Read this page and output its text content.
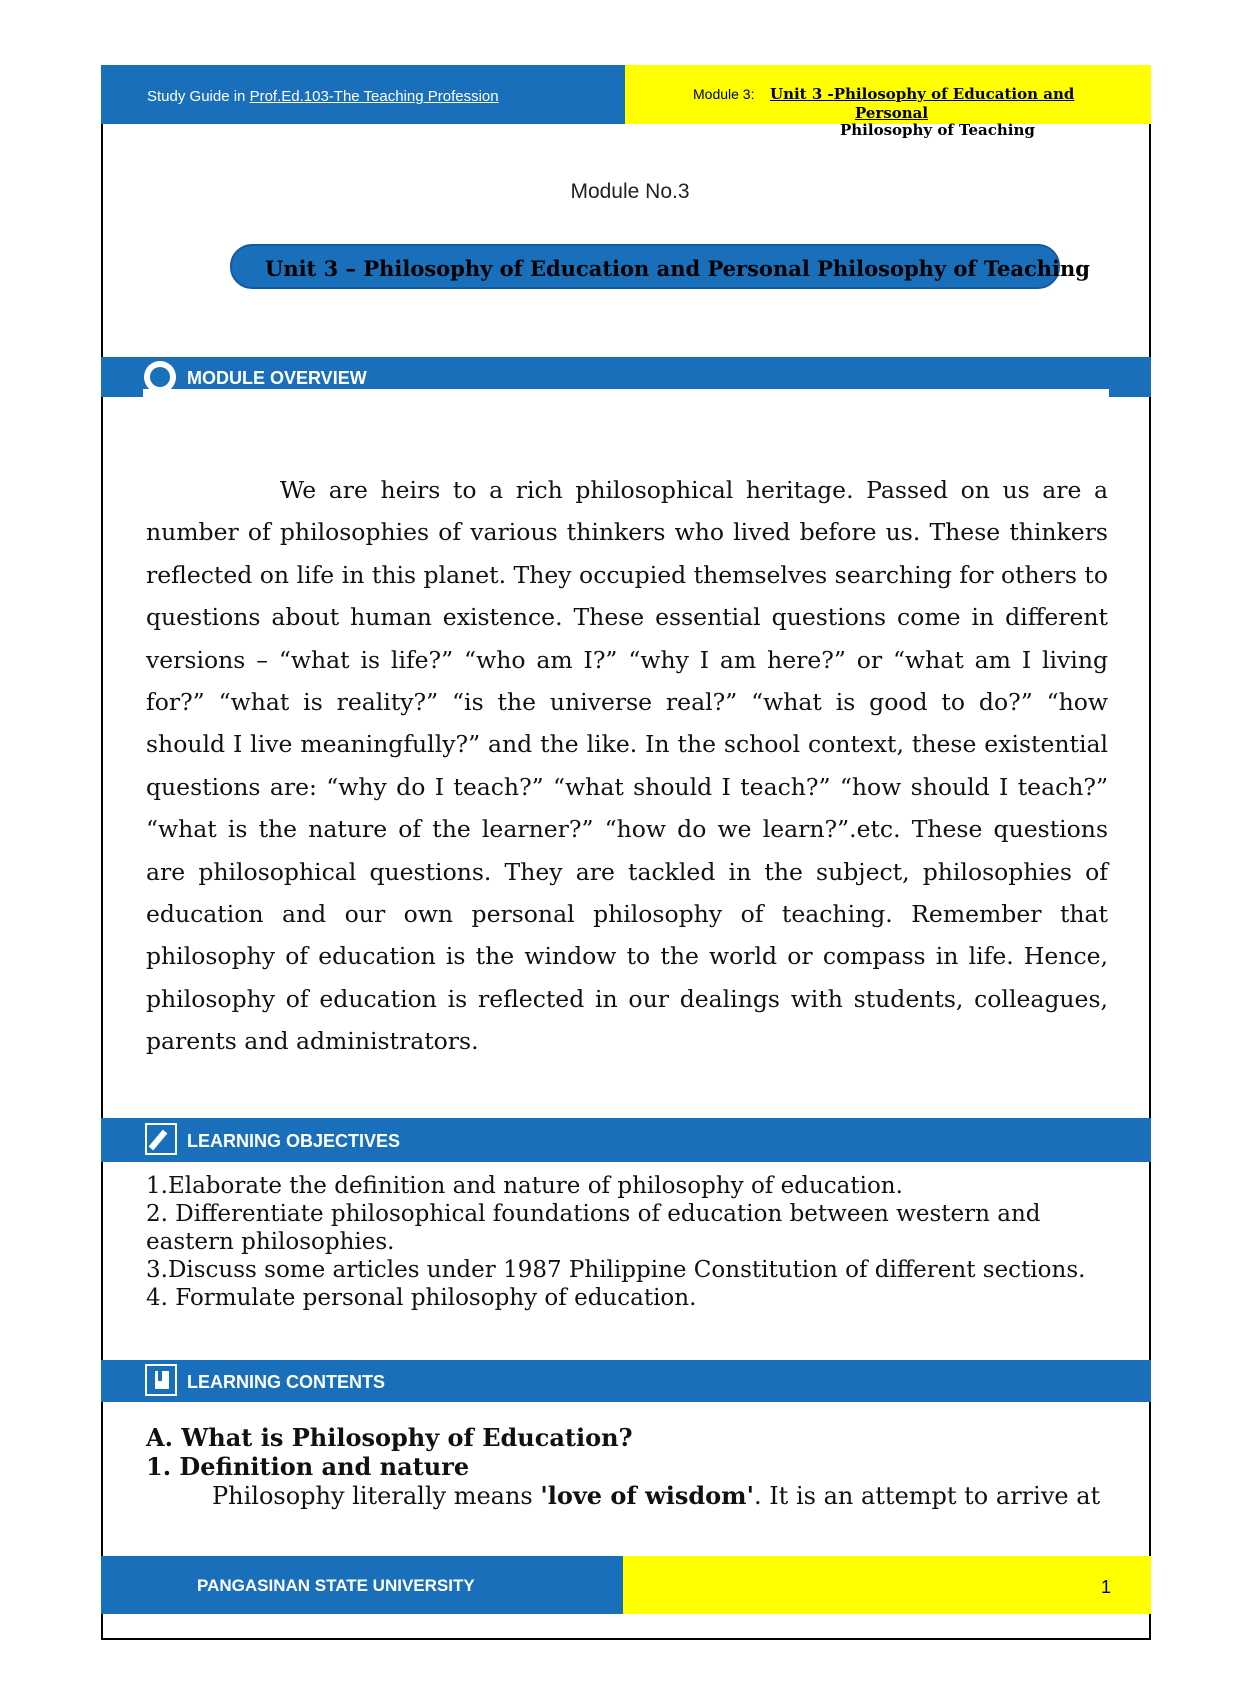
Study Guide in Prof.Ed.103-The Teaching Profession	Module 3: Unit 3 -Philosophy of Education and
Personal
Philosophy of Teaching
Module No.3
Unit 3 – Philosophy of Education and Personal Philosophy of Teaching
MODULE OVERVIEW
We are heirs to a rich philosophical heritage. Passed on us are a number of philosophies of various thinkers who lived before us. These thinkers reflected on life in this planet. They occupied themselves searching for others to questions about human existence. These essential questions come in different versions – “what is life?” “who am I?” “why I am here?” or “what am I living for?” “what is reality?” “is the universe real?” “what is good to do?” “how should I live meaningfully?” and the like. In the school context, these existential questions are: “why do I teach?” “what should I teach?” “how should I teach?” “what is the nature of the learner?” “how do we learn?”.etc. These questions are philosophical questions. They are tackled in the subject, philosophies of education and our own personal philosophy of teaching. Remember that philosophy of education is the window to the world or compass in life. Hence, philosophy of education is reflected in our dealings with students, colleagues, parents and administrators.
LEARNING OBJECTIVES
1.Elaborate the definition and nature of philosophy of education.
2. Differentiate philosophical foundations of education between western and eastern philosophies.
3.Discuss some articles under 1987 Philippine Constitution of different sections.
4. Formulate personal philosophy of education.
LEARNING CONTENTS
A. What is Philosophy of Education?
1. Definition and nature
Philosophy literally means 'love of wisdom'. It is an attempt to arrive at
PANGASINAN STATE UNIVERSITY	1
